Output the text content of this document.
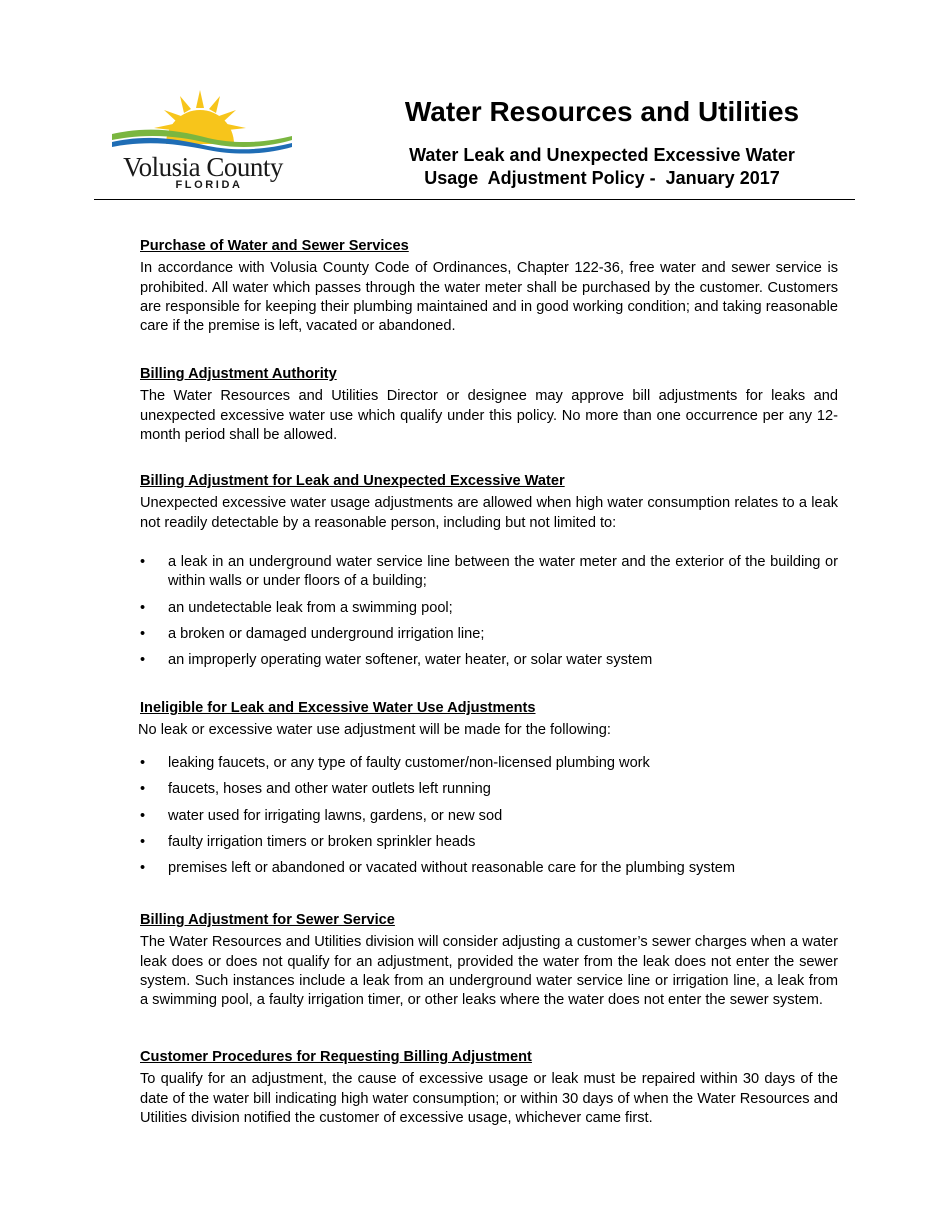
Volusia County
FLORIDA
Water Resources and Utilities
Water Leak and Unexpected Excessive Water
Usage  Adjustment Policy -  January 2017
Purchase of Water and Sewer Services

In accordance with Volusia County Code of Ordinances, Chapter 122-36, free water and sewer service is prohibited. All water which passes through the water meter shall be purchased by the customer. Customers are responsible for keeping their plumbing maintained and in good working condition; and taking reasonable care if the premise is left, vacated or abandoned.

Billing Adjustment Authority

The Water Resources and Utilities Director or designee may approve bill adjustments for leaks and unexpected excessive water use which qualify under this policy. No more than one occurrence per any 12-month period shall be allowed.

Billing Adjustment for Leak and Unexpected Excessive Water

Unexpected excessive water usage adjustments are allowed when high water consumption relates to a leak not readily detectable by a reasonable person, including but not limited to:

• a leak in an underground water service line between the water meter and the exterior of the building or within walls or under floors of a building;
• an undetectable leak from a swimming pool;
• a broken or damaged underground irrigation line;
• an improperly operating water softener, water heater, or solar water system
Ineligible for Leak and Excessive Water Use Adjustments

No leak or excessive water use adjustment will be made for the following:

• leaking faucets, or any type of faulty customer/non-licensed plumbing work
• faucets, hoses and other water outlets left running
• water used for irrigating lawns, gardens, or new sod
• faulty irrigation timers or broken sprinkler heads
• premises left or abandoned or vacated without reasonable care for the plumbing system
Billing Adjustment for Sewer Service

The Water Resources and Utilities division will consider adjusting a customer’s sewer charges when a water leak does or does not qualify for an adjustment, provided the water from the leak does not enter the sewer system. Such instances include a leak from an underground water service line or irrigation line, a leak from a swimming pool, a faulty irrigation timer, or other leaks where the water does not enter the sewer system.

Customer Procedures for Requesting Billing Adjustment

To qualify for an adjustment, the cause of excessive usage or leak must be repaired within 30 days of the date of the water bill indicating high water consumption; or within 30 days of when the Water Resources and Utilities division notified the customer of excessive usage, whichever came first.
